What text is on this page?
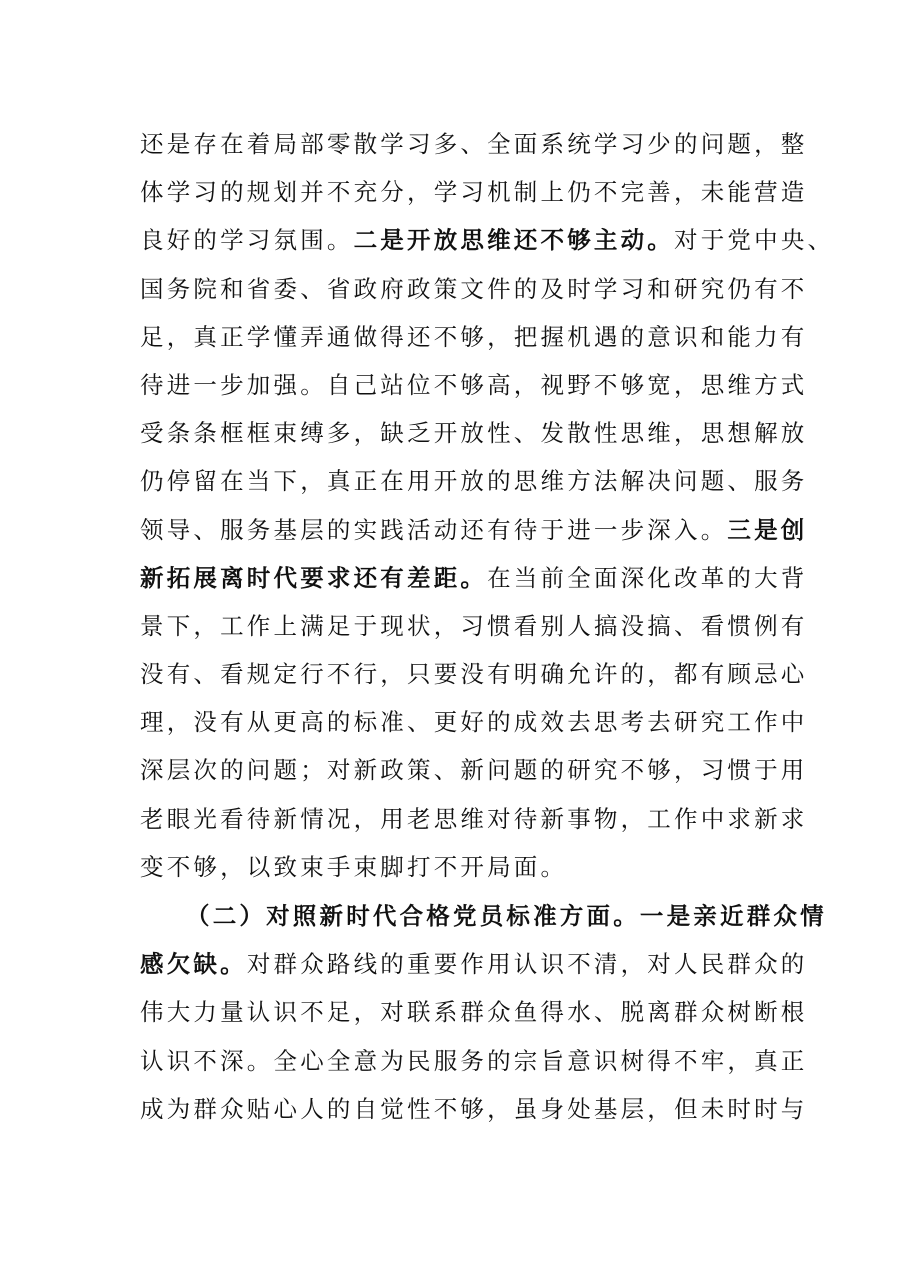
还是存在着局部零散学习多、全面系统学习少的问题，整
体学习的规划并不充分，学习机制上仍不完善，未能营造
良好的学习氛围。二是开放思维还不够主动。对于党中央、
国务院和省委、省政府政策文件的及时学习和研究仍有不
足，真正学懂弄通做得还不够，把握机遇的意识和能力有
待进一步加强。自己站位不够高，视野不够宽，思维方式
受条条框框束缚多，缺乏开放性、发散性思维，思想解放
仍停留在当下，真正在用开放的思维方法解决问题、服务
领导、服务基层的实践活动还有待于进一步深入。三是创
新拓展离时代要求还有差距。在当前全面深化改革的大背
景下，工作上满足于现状，习惯看别人搞没搞、看惯例有
没有、看规定行不行，只要没有明确允许的，都有顾忌心
理，没有从更高的标准、更好的成效去思考去研究工作中
深层次的问题；对新政策、新问题的研究不够，习惯于用
老眼光看待新情况，用老思维对待新事物，工作中求新求
变不够，以致束手束脚打不开局面。
（二）对照新时代合格党员标准方面。一是亲近群众情
感欠缺。对群众路线的重要作用认识不清，对人民群众的
伟大力量认识不足，对联系群众鱼得水、脱离群众树断根
认识不深。全心全意为民服务的宗旨意识树得不牢，真正
成为群众贴心人的自觉性不够，虽身处基层，但未时时与
